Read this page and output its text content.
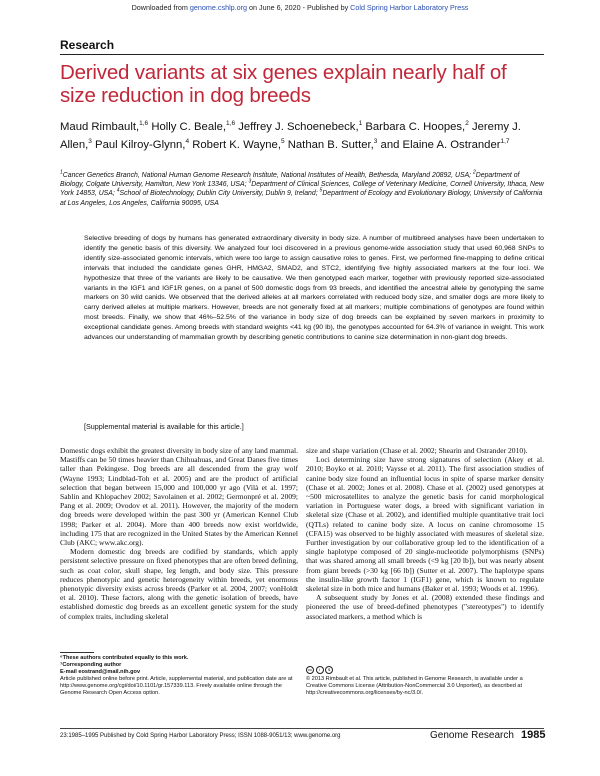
Downloaded from genome.cshlp.org on June 6, 2020 - Published by Cold Spring Harbor Laboratory Press
Research
Derived variants at six genes explain nearly half of size reduction in dog breeds
Maud Rimbault,$^{1,6}$ Holly C. Beale,$^{1,6}$ Jeffrey J. Schoenebeck,$^1$ Barbara C. Hoopes,$^2$ Jeremy J. Allen,$^3$ Paul Kilroy-Glynn,$^4$ Robert K. Wayne,$^5$ Nathan B. Sutter,$^3$ and Elaine A. Ostrander$^{1,7}$
$^1$Cancer Genetics Branch, National Human Genome Research Institute, National Institutes of Health, Bethesda, Maryland 20892, USA; $^2$Department of Biology, Colgate University, Hamilton, New York 13346, USA; $^3$Department of Clinical Sciences, College of Veterinary Medicine, Cornell University, Ithaca, New York 14853, USA; $^4$School of Biotechnology, Dublin City University, Dublin 9, Ireland; $^5$Department of Ecology and Evolutionary Biology, University of California at Los Angeles, Los Angeles, California 90095, USA

Selective breeding of dogs by humans has generated extraordinary diversity in body size. A number of multibreed analyses have been undertaken to identify the genetic basis of this diversity. We analyzed four loci discovered in a previous genome-wide association study that used 60,968 SNPs to identify size-associated genomic intervals, which were too large to assign causative roles to genes. First, we performed fine-mapping to define critical intervals that included the candidate genes GHR, HMGA2, SMAD2, and STC2, identifying five highly associated markers at the four loci. We hypothesize that three of the variants are likely to be causative. We then genotyped each marker, together with previously reported size-associated variants in the IGF1 and IGF1R genes, on a panel of 500 domestic dogs from 93 breeds, and identified the ancestral allele by genotyping the same markers on 30 wild canids. We observed that the derived alleles at all markers correlated with reduced body size, and smaller dogs are more likely to carry derived alleles at multiple markers. However, breeds are not generally fixed at all markers; multiple combinations of genotypes are found within most breeds. Finally, we show that 46%–52.5% of the variance in body size of dog breeds can be explained by seven markers in proximity to exceptional candidate genes. Among breeds with standard weights <41 kg (90 lb), the genotypes accounted for 64.3% of variance in weight. This work advances our understanding of mammalian growth by describing genetic contributions to canine size determination in non-giant dog breeds.

[Supplemental material is available for this article.]

Domestic dogs exhibit the greatest diversity in body size of any land mammal. Mastiffs can be 50 times heavier than Chihuahuas, and Great Danes five times taller than Pekingese. Dog breeds are all descended from the gray wolf (Wayne 1993; Lindblad-Toh et al. 2005) and are the product of artificial selection that began between 15,000 and 100,000 yr ago (Vilà et al. 1997; Sablin and Khlopachev 2002; Savolainen et al. 2002; Germonpré et al. 2009; Pang et al. 2009; Ovodov et al. 2011). However, the majority of the modern dog breeds were developed within the past 300 yr (American Kennel Club 1998; Parker et al. 2004). More than 400 breeds now exist worldwide, including 175 that are recognized in the United States by the American Kennel Club (AKC; www.akc.org).

Modern domestic dog breeds are codified by standards, which apply persistent selective pressure on fixed phenotypes that are often breed defining, such as coat color, skull shape, leg length, and body size. This pressure reduces phenotypic and genetic heterogeneity within breeds, yet enormous phenotypic diversity exists across breeds (Parker et al. 2004, 2007; vonHoldt et al. 2010). These factors, along with the genetic isolation of breeds, have established domestic dog breeds as an excellent genetic system for the study of complex traits, including skeletal

size and shape variation (Chase et al. 2002; Shearin and Ostrander 2010).

Loci determining size have strong signatures of selection (Akey et al. 2010; Boyko et al. 2010; Vaysse et al. 2011). The first association studies of canine body size found an influential locus in spite of sparse marker density (Chase et al. 2002; Jones et al. 2008). Chase et al. (2002) used genotypes at ~500 microsatellites to analyze the genetic basis for canid morphological variation in Portuguese water dogs, a breed with significant variation in skeletal size (Chase et al. 2002), and identified multiple quantitative trait loci (QTLs) related to canine body size. A locus on canine chromosome 15 (CFA15) was observed to be highly associated with measures of skeletal size. Further investigation by our collaborative group led to the identification of a single haplotype composed of 20 single-nucleotide polymorphisms (SNPs) that was shared among all small breeds (<9 kg [20 lb]), but was nearly absent from giant breeds (>30 kg [66 lb]) (Sutter et al. 2007). The haplotype spans the insulin-like growth factor 1 (IGF1) gene, which is known to regulate skeletal size in both mice and humans (Baker et al. 1993; Woods et al. 1996).

A subsequent study by Jones et al. (2008) extended these findings and pioneered the use of breed-defined phenotypes ("stereotypes") to identify associated markers, a method which is

⁶These authors contributed equally to this work.
⁷Corresponding author
E-mail eostrand@mail.nih.gov
Article published online before print. Article, supplemental material, and publication date are at http://www.genome.org/cgi/doi/10.1101/gr.157339.113. Freely available online through the Genome Research Open Access option.
cc i $
© 2013 Rimbault et al. This article, published in Genome Research, is available under a Creative Commons License (Attribution-NonCommercial 3.0 Unported), as described at http://creativecommons.org/licenses/by-nc/3.0/.
23:1985–1995 Published by Cold Spring Harbor Laboratory Press; ISSN 1088-9051/13; www.genome.org	Genome Research 1985
